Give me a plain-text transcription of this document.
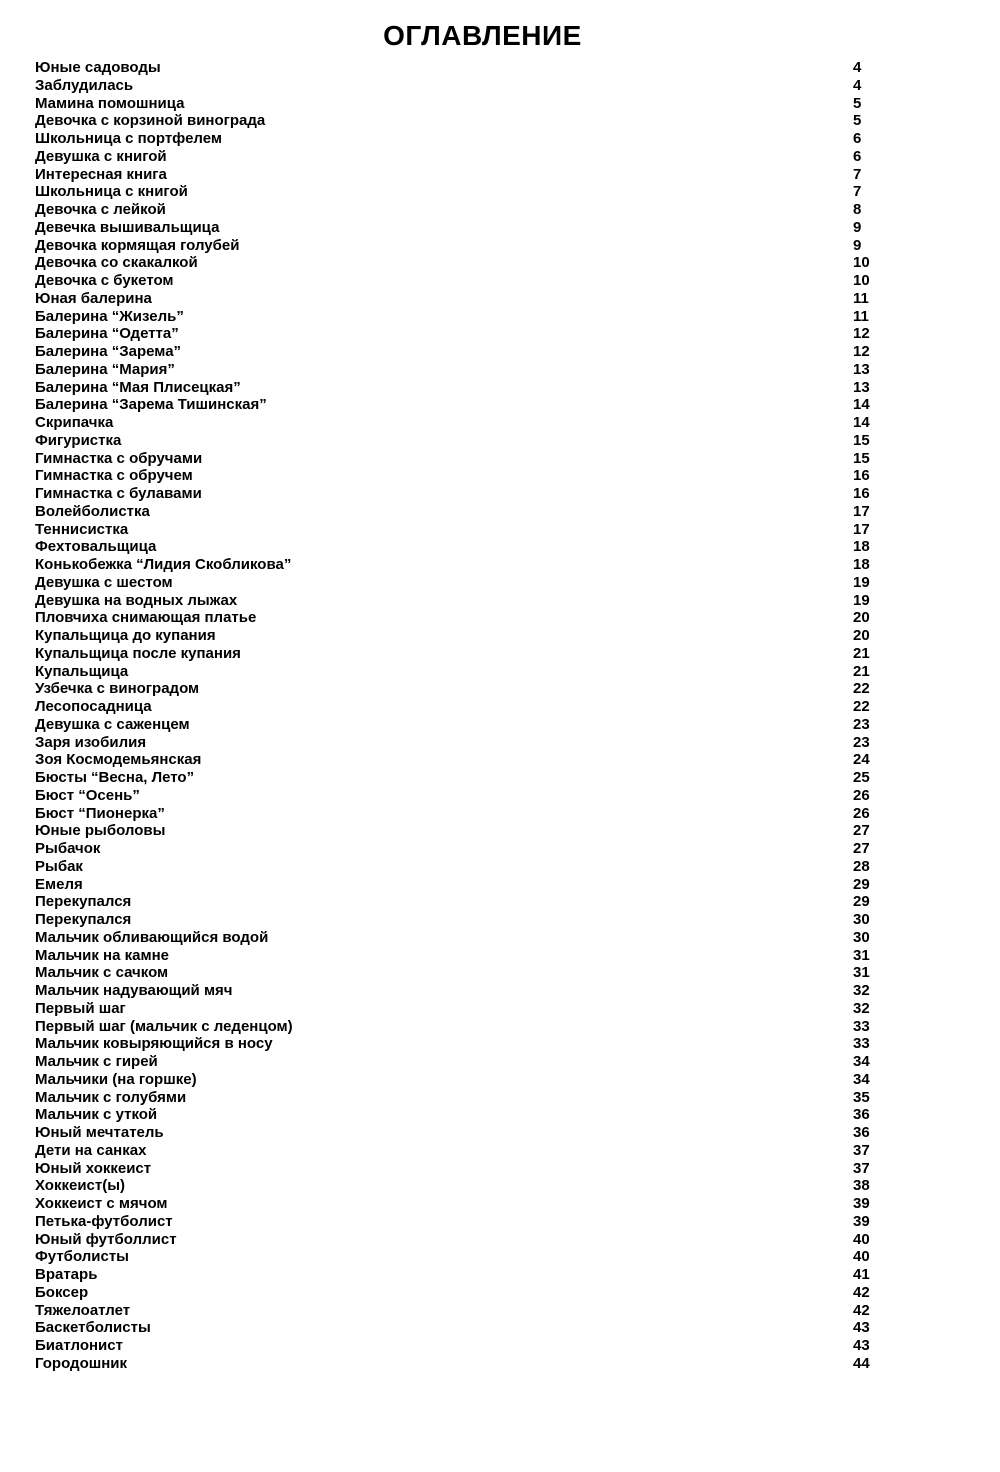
ОГЛАВЛЕНИЕ
Юные садоводы	4
Заблудилась	4
Мамина помошница	5
Девочка с корзиной винограда	5
Школьница с портфелем	6
Девушка с книгой	6
Интересная книга	7
Школьница с книгой	7
Девочка с лейкой	8
Девечка вышивальщица	9
Девочка кормящая голубей	9
Девочка со скакалкой	10
Девочка с букетом	10
Юная балерина	11
Балерина “Жизель”	11
Балерина “Одетта”	12
Балерина “Зарема”	12
Балерина “Мария”	13
Балерина “Мая Плисецкая”	13
Балерина “Зарема Тишинская”	14
Скрипачка	14
Фигуристка	15
Гимнастка с обручами	15
Гимнастка с обручем	16
Гимнастка с булавами	16
Волейболистка	17
Теннисистка	17
Фехтовальщица	18
Конькобежка “Лидия Скобликова”	18
Девушка с шестом	19
Девушка на водных лыжах	19
Пловчиха снимающая платье	20
Купальщица до купания	20
Купальщица после купания	21
Купальщица	21
Узбечка с виноградом	22
Лесопосадница	22
Девушка с саженцем	23
Заря изобилия	23
Зоя Космодемьянская	24
Бюсты “Весна, Лето”	25
Бюст “Осень”	26
Бюст “Пионерка”	26
Юные рыболовы	27
Рыбачок	27
Рыбак	28
Емеля	29
Перекупался	29
Перекупался	30
Мальчик обливающийся водой	30
Мальчик на камне	31
Мальчик с сачком	31
Мальчик надувающий мяч	32
Первый шаг	32
Первый шаг (мальчик с леденцом)	33
Мальчик ковыряющийся в носу	33
Мальчик с гирей	34
Мальчики (на горшке)	34
Мальчик с голубями	35
Мальчик с уткой	36
Юный мечтатель	36
Дети на санках	37
Юный хоккеист	37
Хоккеист(ы)	38
Хоккеист с мячом	39
Петька-футболист	39
Юный футболлист	40
Футболисты	40
Вратарь	41
Боксер	42
Тяжелоатлет	42
Баскетболисты	43
Биатлонист	43
Городошник	44
